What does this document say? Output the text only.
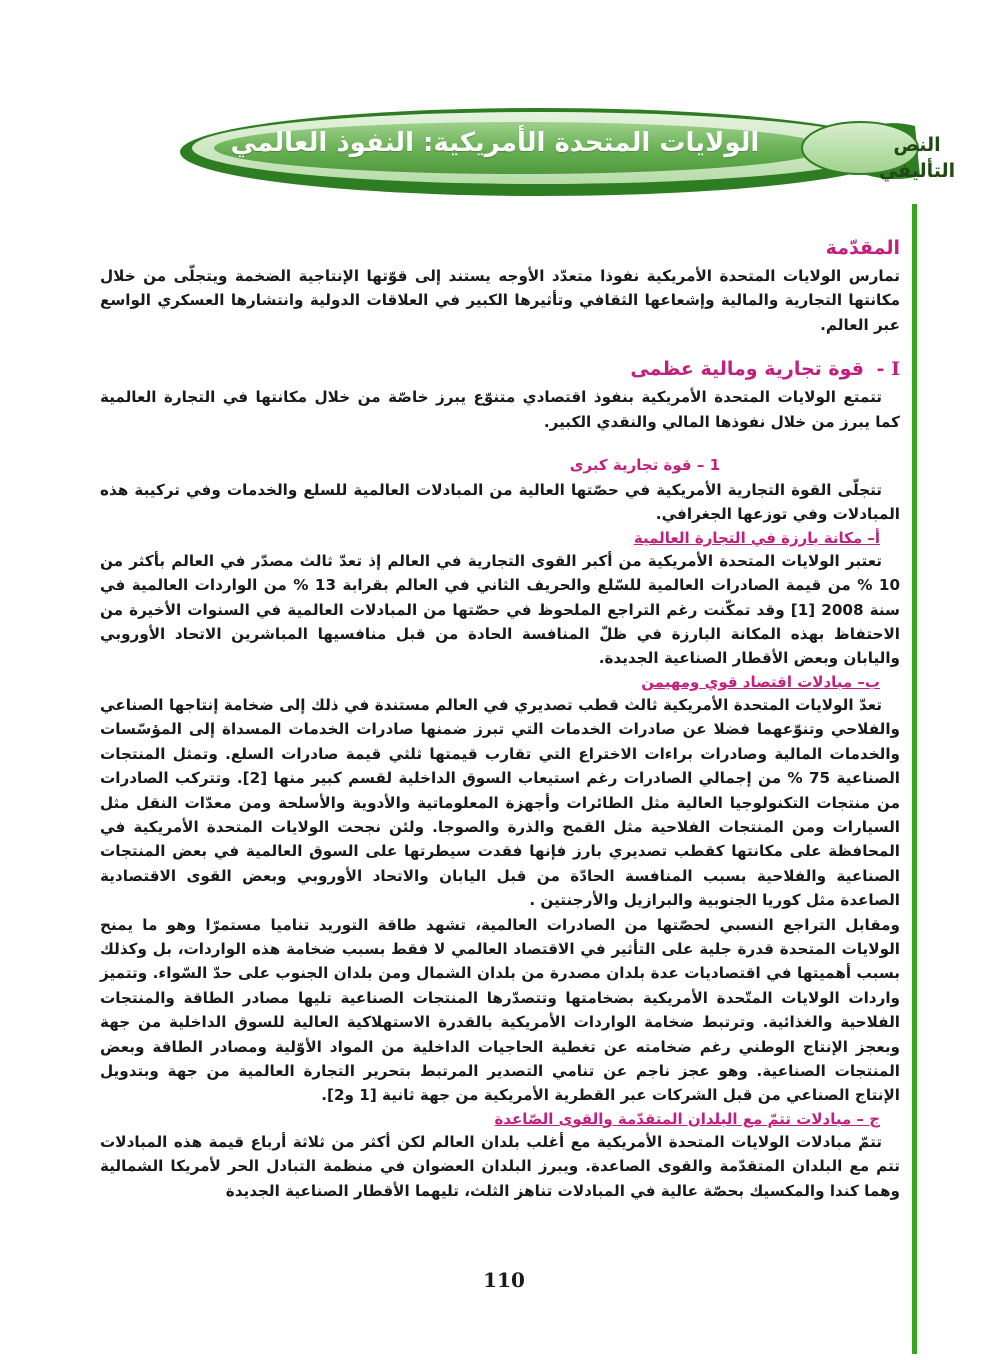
النص التأليفي
الولايات المتحدة الأمريكية: النفوذ العالمي
المقدّمة

تمارس الولايات المتحدة الأمريكية نفوذا متعدّد الأوجه يستند إلى قوّتها الإنتاجية الضخمة ويتجلّى من خلال مكانتها التجارية والمالية وإشعاعها الثقافي وتأثيرها الكبير في العلاقات الدولية وانتشارها العسكري الواسع عبر العالم.

I - قوة تجارية ومالية عظمى

تتمتع الولايات المتحدة الأمريكية بنفوذ اقتصادي متنوّع يبرز خاصّة من خلال مكانتها في التجارة العالمية كما يبرز من خلال نفوذها المالي والنقدي الكبير.

1 – قوة تجارية كبرى

تتجلّى القوة التجارية الأمريكية في حصّتها العالية من المبادلات العالمية للسلع والخدمات وفي تركيبة هذه المبادلات وفي توزعها الجغرافي.

أ– مكانة بارزة في التجارة العالمية

تعتبر الولايات المتحدة الأمريكية من أكبر القوى التجارية في العالم إذ تعدّ ثالث مصدّر في العالم بأكثر من 10 % من قيمة الصادرات العالمية للسّلع والحريف الثاني في العالم بقرابة 13 % من الواردات العالمية في سنة 2008 [1] وقد تمكّنت رغم التراجع الملحوظ في حصّتها من المبادلات العالمية في السنوات الأخيرة من الاحتفاظ بهذه المكانة البارزة في ظلّ المنافسة الحادة من قبل منافسيها المباشرين الاتحاد الأوروبي واليابان وبعض الأقطار الصناعية الجديدة.

ب– مبادلات اقتصاد قوي ومهيمن

تعدّ الولايات المتحدة الأمريكية ثالث قطب تصديري في العالم مستندة في ذلك إلى ضخامة إنتاجها الصناعي والفلاحي وتنوّعهما فضلا عن صادرات الخدمات التي تبرز ضمنها صادرات الخدمات المسداة إلى المؤسّسات والخدمات المالية وصادرات براءات الاختراع التي تقارب قيمتها ثلثي قيمة صادرات السلع. وتمثل المنتجات الصناعية 75 % من إجمالي الصادرات رغم استيعاب السوق الداخلية لقسم كبير منها [2]. وتتركب الصادرات من منتجات التكنولوجيا العالية مثل الطائرات وأجهزة المعلوماتية والأدوية والأسلحة ومن معدّات النقل مثل السيارات ومن المنتجات الفلاحية مثل القمح والذرة والصوجا. ولئن نجحت الولايات المتحدة الأمريكية في المحافظة على مكانتها كقطب تصديري بارز فإنها فقدت سيطرتها على السوق العالمية في بعض المنتجات الصناعية والفلاحية بسبب المنافسة الحادّة من قبل اليابان والاتحاد الأوروبي وبعض القوى الاقتصادية الصاعدة مثل كوريا الجنوبية والبرازيل والأرجنتين .

ومقابل التراجع النسبي لحصّتها من الصادرات العالمية، تشهد طاقة التوريد تناميا مستمرّا وهو ما يمنح الولايات المتحدة قدرة جلية على التأثير في الاقتصاد العالمي لا فقط بسبب ضخامة هذه الواردات، بل وكذلك بسبب أهميتها في اقتصاديات عدة بلدان مصدرة من بلدان الشمال ومن بلدان الجنوب على حدّ السّواء. وتتميز واردات الولايات المتّحدة الأمريكية بضخامتها وتتصدّرها المنتجات الصناعية تليها مصادر الطاقة والمنتجات الفلاحية والغذائية. وترتبط ضخامة الواردات الأمريكية بالقدرة الاستهلاكية العالية للسوق الداخلية من جهة وبعجز الإنتاج الوطني رغم ضخامته عن تغطية الحاجيات الداخلية من المواد الأوّلية ومصادر الطاقة وبعض المنتجات الصناعية. وهو عجز ناجم عن تنامي التصدير المرتبط بتحرير التجارة العالمية من جهة وبتدويل الإنتاج الصناعي من قبل الشركات عبر القطرية الأمريكية من جهة ثانية [1 و2].

ج – مبادلات تتمّ مع البلدان المتقدّمة والقوى الصّاعدة

تتمّ مبادلات الولايات المتحدة الأمريكية مع أغلب بلدان العالم لكن أكثر من ثلاثة أرباع قيمة هذه المبادلات تتم مع البلدان المتقدّمة والقوى الصاعدة. ويبرز البلدان العضوان في منظمة التبادل الحر لأمريكا الشمالية وهما كندا والمكسيك بحصّة عالية في المبادلات تناهز الثلث، تليهما الأقطار الصناعية الجديدة

110
